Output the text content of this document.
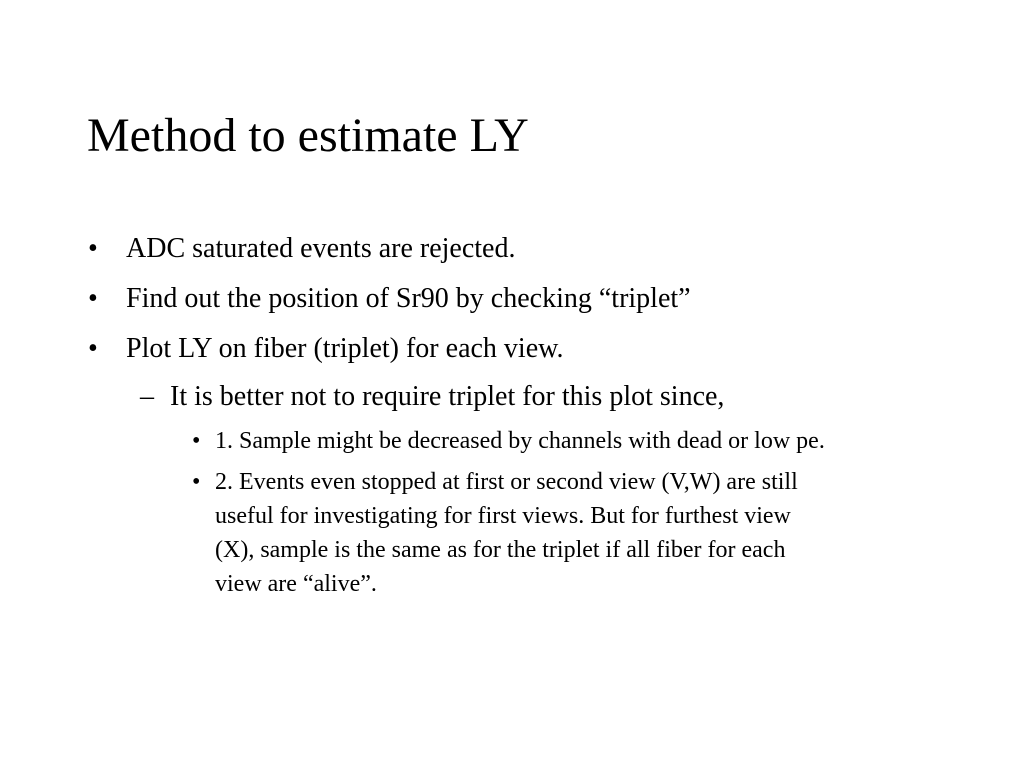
Method to estimate LY
• ADC saturated events are rejected.
• Find out the position of Sr90 by checking “triplet”
• Plot LY on fiber (triplet) for each view.
– It is better not to require triplet for this plot since,
• 1. Sample might be decreased by channels with dead or low pe.
• 2. Events even stopped at first or second view (V,W) are still
useful for investigating for first views. But for furthest view
(X), sample is the same as for the triplet if all fiber for each
view are “alive”.
